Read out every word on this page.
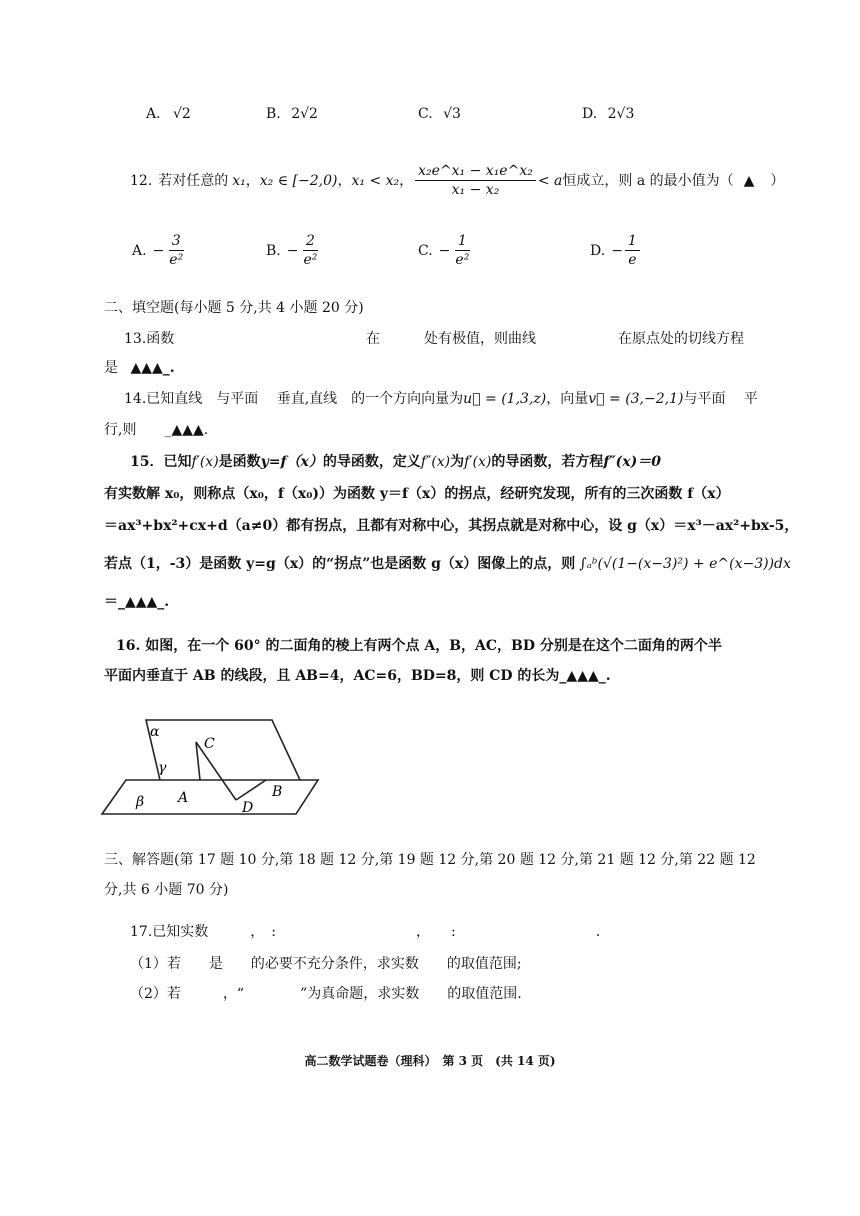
A. √2	B. 2√2	C. √3	D. 2√3
12. 若对任意的 x₁ ， x₂ ∈ [−2,0) ， x₁ < x₂ ， $\frac{\text{x₂e\textasciicircum{}x₁ − x₁e\textasciicircum{}x₂}}{\text{x₁ − x₂}} < a$ 恒成立，则 a 的最小值为（ ▲ ）
A. − $\frac{3}{\text{e²}}$	B. − $\frac{2}{\text{e²}}$	C. − $\frac{1}{\text{e²}}$	D. − $\frac{1}{e}$
二、填空题(每小题 5 分,共 4 小题 20 分)
13.函数	在	处有极值，则曲线	在原点处的切线方程
是 ▲▲▲_.
14.已知直线　与平面　 垂直,直线　的一个方向向量为 u⃗ = (1,3,z) ，向量 v⃗ = (3,−2,1) 与平面　 平
行,则　　_▲▲▲.
15．已知 f′(x) 是函数 y=f（x） 的导函数，定义 f″(x) 为 f′(x) 的导函数，若方程 f″(x)＝0
有实数解 x₀，则称点（x₀，f（x₀)）为函数 y＝f（x）的拐点，经研究发现，所有的三次函数 f（x）
＝ax³+bx²+cx+d（a≠0）都有拐点，且都有对称中心，其拐点就是对称中心，设 g（x）＝x³－ax²+bx-5，
若点（1，-3）是函数 y=g（x）的“拐点”也是函数 g（x）图像上的点，则 ∫ₐᵇ(√(1−(x−3)²) + e^(x−3))dx
＝_▲▲▲_.
16. 如图，在一个 60° 的二面角的棱上有两个点 A，B，AC，BD 分别是在这个二面角的两个半
平面内垂直于 AB 的线段，且 AB=4，AC=6，BD=8，则 CD 的长为_▲▲▲_.
α
γ
β A	B
C
D
三、解答题(第 17 题 10 分,第 18 题 12 分,第 19 题 12 分,第 20 题 12 分,第 21 题 12 分,第 22 题 12
分,共 6 小题 70 分)
17.已知实数　　　，　:　　　　　　　　　　，　　:　　　　　　　　　　.
（1）若　　是　　的必要不充分条件，求实数　　的取值范围;
（2）若　　　，“　　　　”为真命题，求实数　　的取值范围.
高二数学试题卷（理科）　第 3 页　(共 14 页)
